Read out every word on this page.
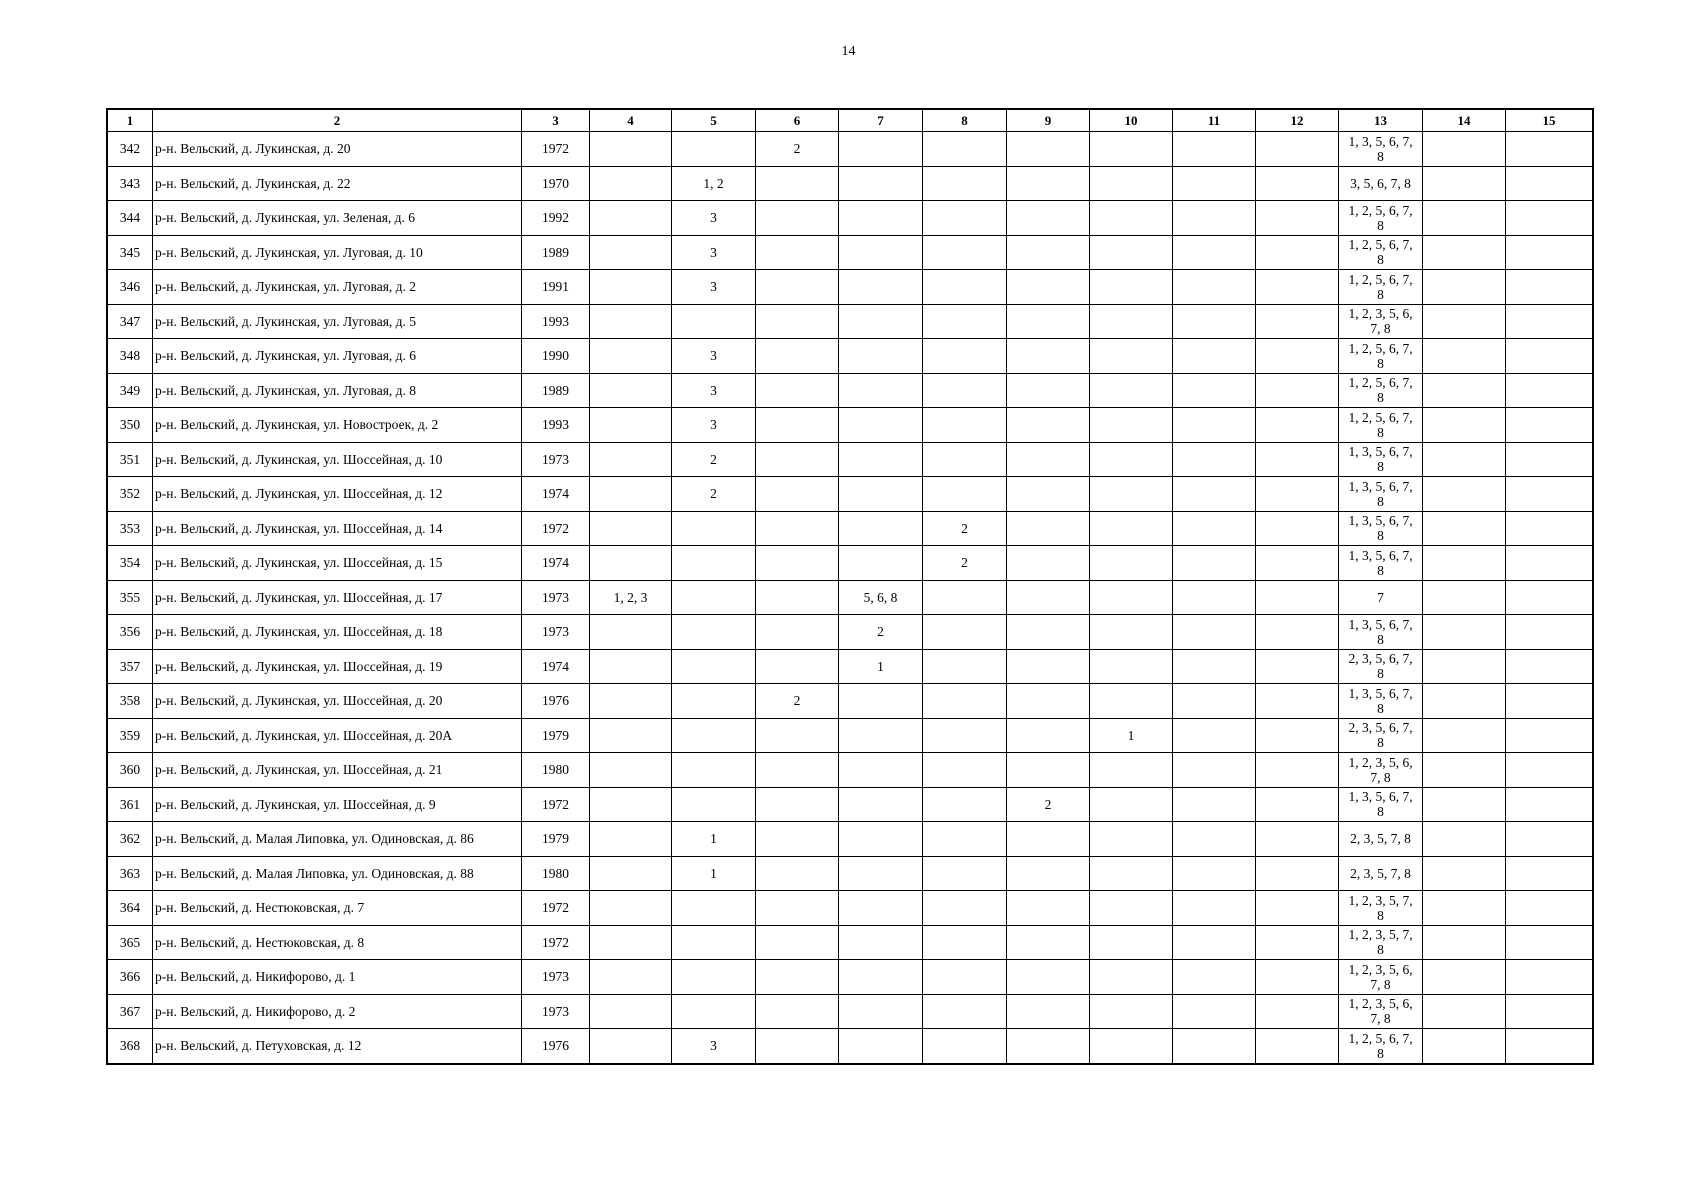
14
1	2	3	4	5	6	7	8	9	10	11	12	13	14	15
342	р-н. Вельский, д. Лукинская, д. 20	1972			2							1, 3, 5, 6, 7, 8		
343	р-н. Вельский, д. Лукинская, д. 22	1970		1, 2								3, 5, 6, 7, 8		
344	р-н. Вельский, д. Лукинская, ул. Зеленая, д. 6	1992		3								1, 2, 5, 6, 7, 8		
345	р-н. Вельский, д. Лукинская, ул. Луговая, д. 10	1989		3								1, 2, 5, 6, 7, 8		
346	р-н. Вельский, д. Лукинская, ул. Луговая, д. 2	1991		3								1, 2, 5, 6, 7, 8		
347	р-н. Вельский, д. Лукинская, ул. Луговая, д. 5	1993										1, 2, 3, 5, 6, 7, 8		
348	р-н. Вельский, д. Лукинская, ул. Луговая, д. 6	1990		3								1, 2, 5, 6, 7, 8		
349	р-н. Вельский, д. Лукинская, ул. Луговая, д. 8	1989		3								1, 2, 5, 6, 7, 8		
350	р-н. Вельский, д. Лукинская, ул. Новостроек, д. 2	1993		3								1, 2, 5, 6, 7, 8		
351	р-н. Вельский, д. Лукинская, ул. Шоссейная, д. 10	1973		2								1, 3, 5, 6, 7, 8		
352	р-н. Вельский, д. Лукинская, ул. Шоссейная, д. 12	1974		2								1, 3, 5, 6, 7, 8		
353	р-н. Вельский, д. Лукинская, ул. Шоссейная, д. 14	1972					2					1, 3, 5, 6, 7, 8		
354	р-н. Вельский, д. Лукинская, ул. Шоссейная, д. 15	1974					2					1, 3, 5, 6, 7, 8		
355	р-н. Вельский, д. Лукинская, ул. Шоссейная, д. 17	1973	1, 2, 3			5, 6, 8						7		
356	р-н. Вельский, д. Лукинская, ул. Шоссейная, д. 18	1973				2						1, 3, 5, 6, 7, 8		
357	р-н. Вельский, д. Лукинская, ул. Шоссейная, д. 19	1974				1						2, 3, 5, 6, 7, 8		
358	р-н. Вельский, д. Лукинская, ул. Шоссейная, д. 20	1976			2							1, 3, 5, 6, 7, 8		
359	р-н. Вельский, д. Лукинская, ул. Шоссейная, д. 20А	1979							1			2, 3, 5, 6, 7, 8		
360	р-н. Вельский, д. Лукинская, ул. Шоссейная, д. 21	1980										1, 2, 3, 5, 6, 7, 8		
361	р-н. Вельский, д. Лукинская, ул. Шоссейная, д. 9	1972						2				1, 3, 5, 6, 7, 8		
362	р-н. Вельский, д. Малая Липовка, ул. Одиновская, д. 86	1979		1								2, 3, 5, 7, 8		
363	р-н. Вельский, д. Малая Липовка, ул. Одиновская, д. 88	1980		1								2, 3, 5, 7, 8		
364	р-н. Вельский, д. Нестюковская, д. 7	1972										1, 2, 3, 5, 7, 8		
365	р-н. Вельский, д. Нестюковская, д. 8	1972										1, 2, 3, 5, 7, 8		
366	р-н. Вельский, д. Никифорово, д. 1	1973										1, 2, 3, 5, 6, 7, 8		
367	р-н. Вельский, д. Никифорово, д. 2	1973										1, 2, 3, 5, 6, 7, 8		
368	р-н. Вельский, д. Петуховская, д. 12	1976		3								1, 2, 5, 6, 7, 8		
